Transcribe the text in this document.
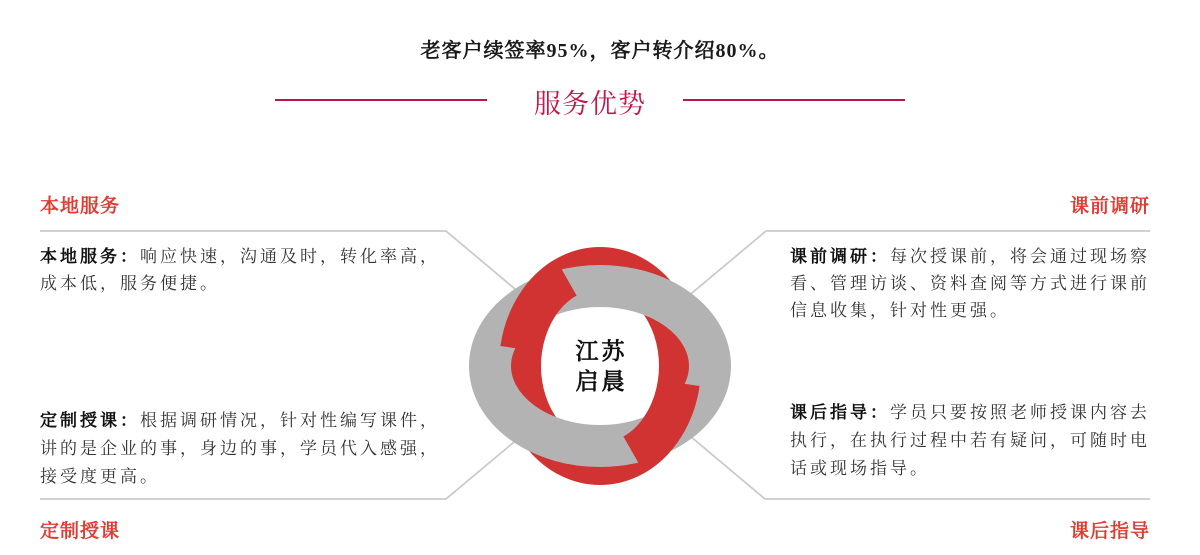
老客户续签率95%，客户转介绍80%。
服务优势
江苏
启晨
本地服务	课前调研
定制授课	课后指导
本地服务：响应快速，沟通及时，转化率高，
成本低，服务便捷。
课前调研：每次授课前，将会通过现场察
看、管理访谈、资料查阅等方式进行课前
信息收集，针对性更强。
定制授课：根据调研情况，针对性编写课件，
讲的是企业的事，身边的事，学员代入感强，
接受度更高。
课后指导：学员只要按照老师授课内容去
执行，在执行过程中若有疑问，可随时电
话或现场指导。
